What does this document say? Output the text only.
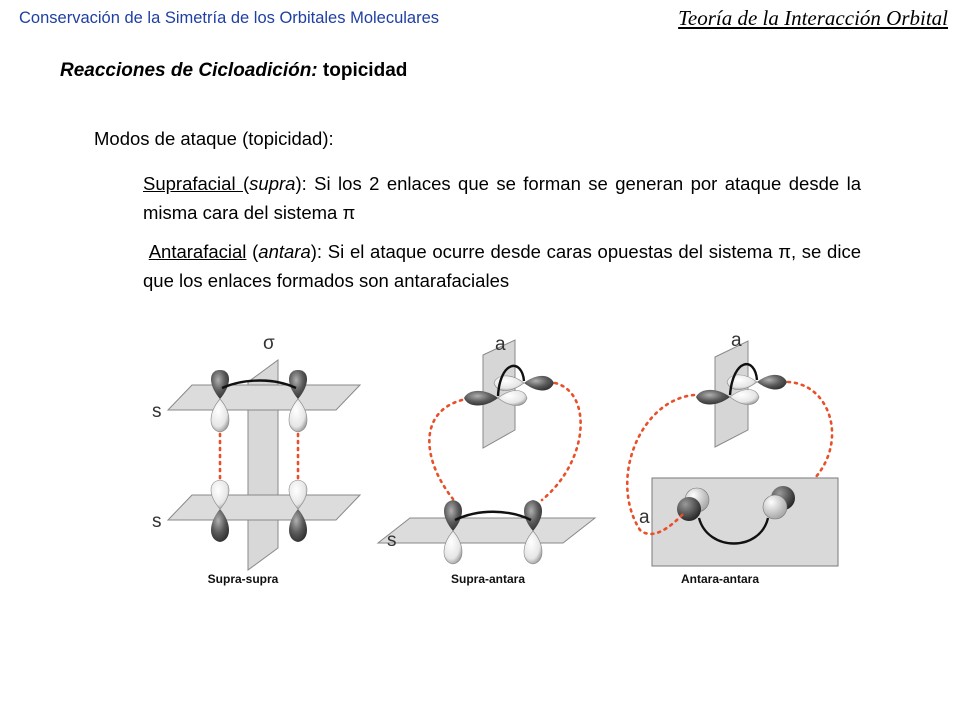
Conservación de la Simetría de los Orbitales Moleculares	Teoría de la Interacción Orbital
Reacciones de Cicloadición: topicidad
Modos de ataque (topicidad):
Suprafacial (supra): Si los 2 enlaces que se forman se generan por ataque desde la misma cara del sistema π
Antarafacial (antara): Si el ataque ocurre desde caras opuestas del sistema π, se dice que los enlaces formados son antarafaciales
σ
s
s
Supra-supra
a
s
Supra-antara
a
a
Antara-antara
